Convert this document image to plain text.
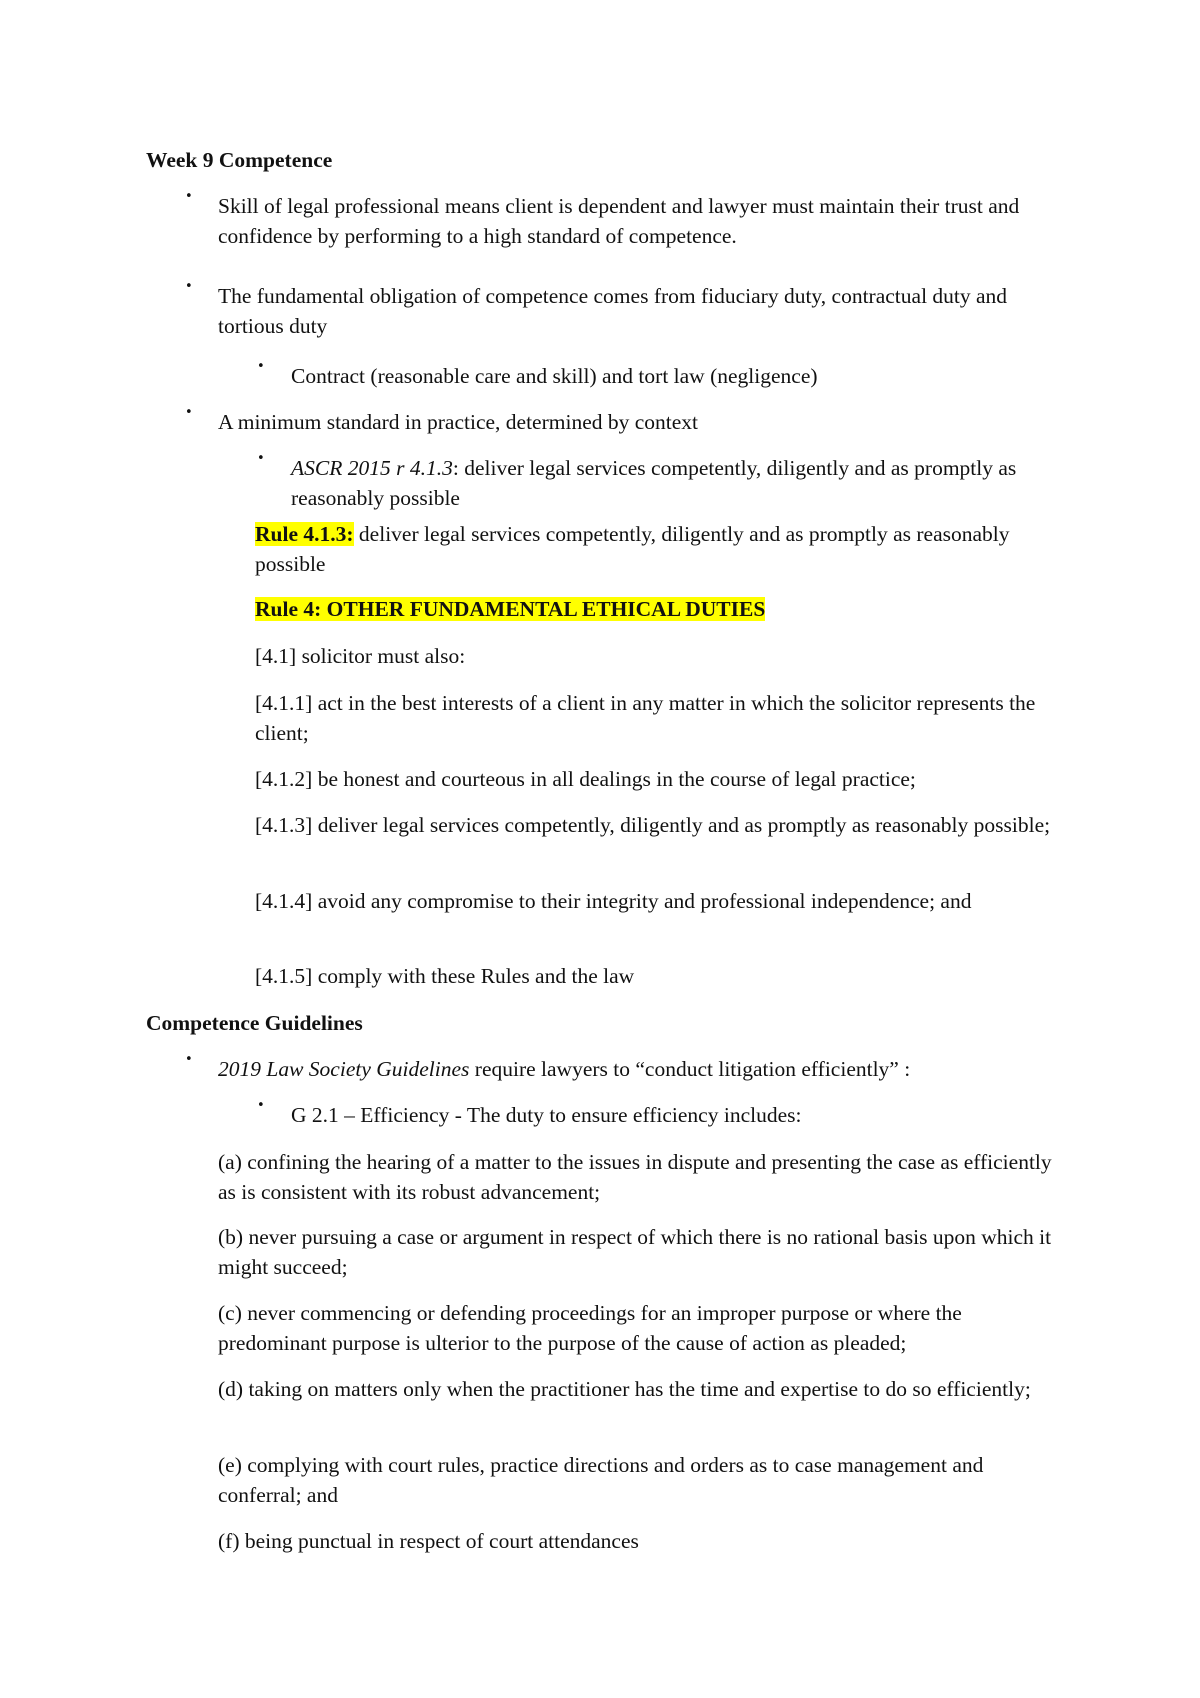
Week 9 Competence
• Skill of legal professional means client is dependent and lawyer must maintain their trust and confidence by performing to a high standard of competence.
• The fundamental obligation of competence comes from fiduciary duty, contractual duty and tortious duty
• Contract (reasonable care and skill) and tort law (negligence)
• A minimum standard in practice, determined by context
• ASCR 2015 r 4.1.3: deliver legal services competently, diligently and as promptly as reasonably possible
Rule 4.1.3: deliver legal services competently, diligently and as promptly as reasonably possible
Rule 4: OTHER FUNDAMENTAL ETHICAL DUTIES
[4.1] solicitor must also:
[4.1.1] act in the best interests of a client in any matter in which the solicitor represents the client;
[4.1.2] be honest and courteous in all dealings in the course of legal practice;
[4.1.3] deliver legal services competently, diligently and as promptly as reasonably possible;
[4.1.4] avoid any compromise to their integrity and professional independence; and
[4.1.5] comply with these Rules and the law
Competence Guidelines
• 2019 Law Society Guidelines require lawyers to “conduct litigation efficiently” :
• G 2.1 – Efficiency - The duty to ensure efficiency includes:
(a) confining the hearing of a matter to the issues in dispute and presenting the case as efficiently as is consistent with its robust advancement;
(b) never pursuing a case or argument in respect of which there is no rational basis upon which it might succeed;
(c) never commencing or defending proceedings for an improper purpose or where the predominant purpose is ulterior to the purpose of the cause of action as pleaded;
(d) taking on matters only when the practitioner has the time and expertise to do so efficiently;
(e) complying with court rules, practice directions and orders as to case management and conferral; and
(f) being punctual in respect of court attendances
